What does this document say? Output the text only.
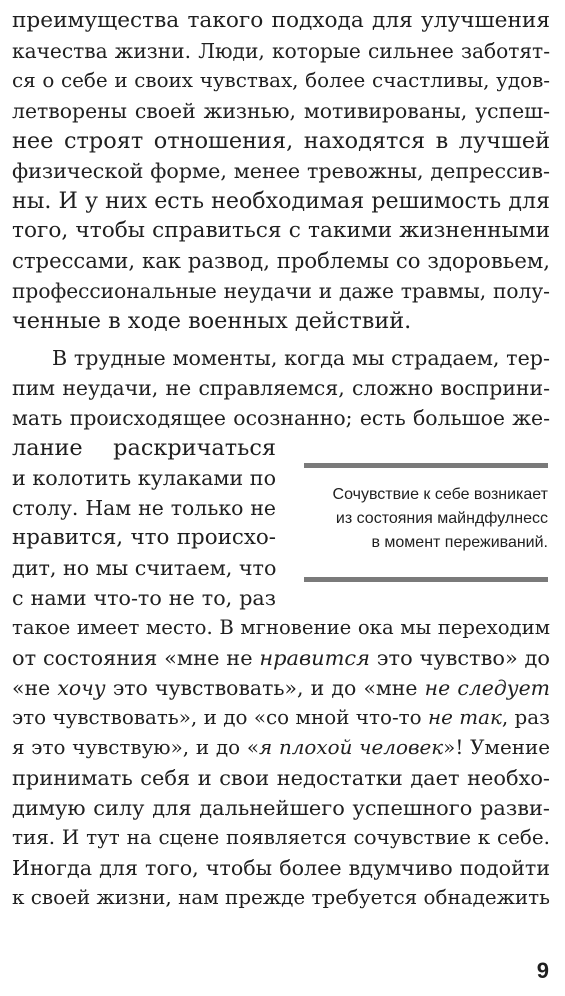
преимущества такого подхода для улучшения
качества жизни. Люди, которые сильнее заботят-
ся о себе и своих чувствах, более счастливы, удов-
летворены своей жизнью, мотивированы, успеш-
нее строят отношения, находятся в лучшей
физической форме, менее тревожны, депрессив-
ны. И у них есть необходимая решимость для
того, чтобы справиться с такими жизненными
стрессами, как развод, проблемы со здоровьем,
профессиональные неудачи и даже травмы, полу-
ченные в ходе военных действий.
В трудные моменты, когда мы страдаем, тер-
пим неудачи, не справляемся, сложно восприни-
мать происходящее осознанно; есть большое же-
лание раскричаться
и колотить кулаками по
столу. Нам не только не
нравится, что происхо-
дит, но мы считаем, что
с нами что-то не то, раз
такое имеет место. В мгновение ока мы переходим
от состояния «мне не нравится это чувство» до
«не хочу это чувствовать», и до «мне не следует
это чувствовать», и до «со мной что-то не так, раз
я это чувствую», и до «я плохой человек»! Умение
принимать себя и свои недостатки дает необхо-
димую силу для дальнейшего успешного разви-
тия. И тут на сцене появляется сочувствие к себе.
Иногда для того, чтобы более вдумчиво подойти
к своей жизни, нам прежде требуется обнадежить
Сочувствие к себе возникает
из состояния майндфулнесс
в момент переживаний.
9
